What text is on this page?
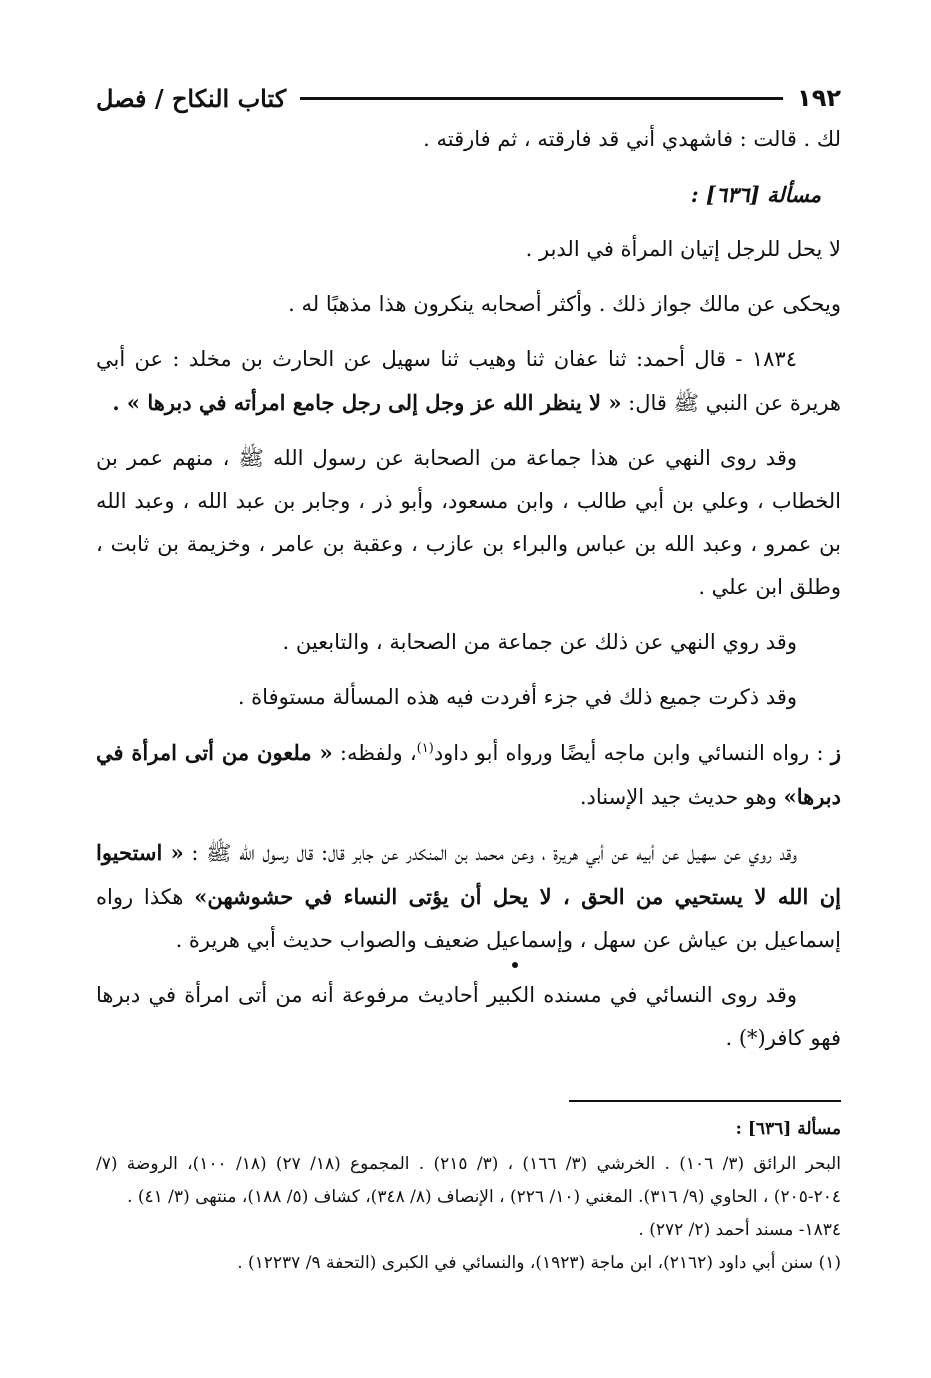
١٩٢
كتاب النكاح / فصل

لك . قالت : فاشهدي أني قد فارقته ، ثم فارقته .

مسألة [٦٣٦] :

لا يحل للرجل إتيان المرأة في الدبر .

ويحكى عن مالك جواز ذلك . وأكثر أصحابه ينكرون هذا مذهبًا له .

١٨٣٤ - قال أحمد: ثنا عفان ثنا وهيب ثنا سهيل عن الحارث بن مخلد : عن أبي هريرة عن النبي ﷺ قال: « لا ينظر الله عز وجل إلى رجل جامع امرأته في دبرها » .

وقد روى النهي عن هذا جماعة من الصحابة عن رسول الله ﷺ ، منهم عمر بن الخطاب ، وعلي بن أبي طالب ، وابن مسعود، وأبو ذر ، وجابر بن عبد الله ، وعبد الله بن عمرو ، وعبد الله بن عباس والبراء بن عازب ، وعقبة بن عامر ، وخزيمة بن ثابت ، وطلق ابن علي .

وقد روي النهي عن ذلك عن جماعة من الصحابة ، والتابعين .

وقد ذكرت جميع ذلك في جزء أفردت فيه هذه المسألة مستوفاة .

ز : رواه النسائي وابن ماجه أيضًا ورواه أبو داود$^{(١)}$، ولفظه: « ملعون من أتى امرأة في دبرها» وهو حديث جيد الإسناد.

وقد روي عن سهيل عن أبيه عن أبي هريرة ، وعن محمد بن المنكدر عن جابر قال: قال رسول الله ﷺ : « استحيوا إن الله لا يستحيي من الحق ، لا يحل أن يؤتى النساء في حشوشهن» هكذا رواه إسماعيل بن عياش عن سهل ، وإسماعيل ضعيف والصواب حديث أبي هريرة .

وقد روى النسائي في مسنده الكبير أحاديث مرفوعة أنه من أتى امرأة في دبرها فهو كافر(*) .

مسألة [٦٣٦] :

البحر الرائق (٣/ ١٠٦) . الخرشي (٣/ ١٦٦) ، (٣/ ٢١٥) . المجموع (١٨/ ٢٧) (١٨/ ١٠٠)، الروضة (٧/ ٢٠٤-٢٠٥) ، الحاوي (٩/ ٣١٦). المغني (١٠/ ٢٢٦) ، الإنصاف (٨/ ٣٤٨)، كشاف (٥/ ١٨٨)، منتهى (٣/ ٤١) .

١٨٣٤- مسند أحمد (٢/ ٢٧٢) .

(١) سنن أبي داود (٢١٦٢)، ابن ماجة (١٩٢٣)، والنسائي في الكبرى (التحفة ٩/ ١٢٢٣٧) .
